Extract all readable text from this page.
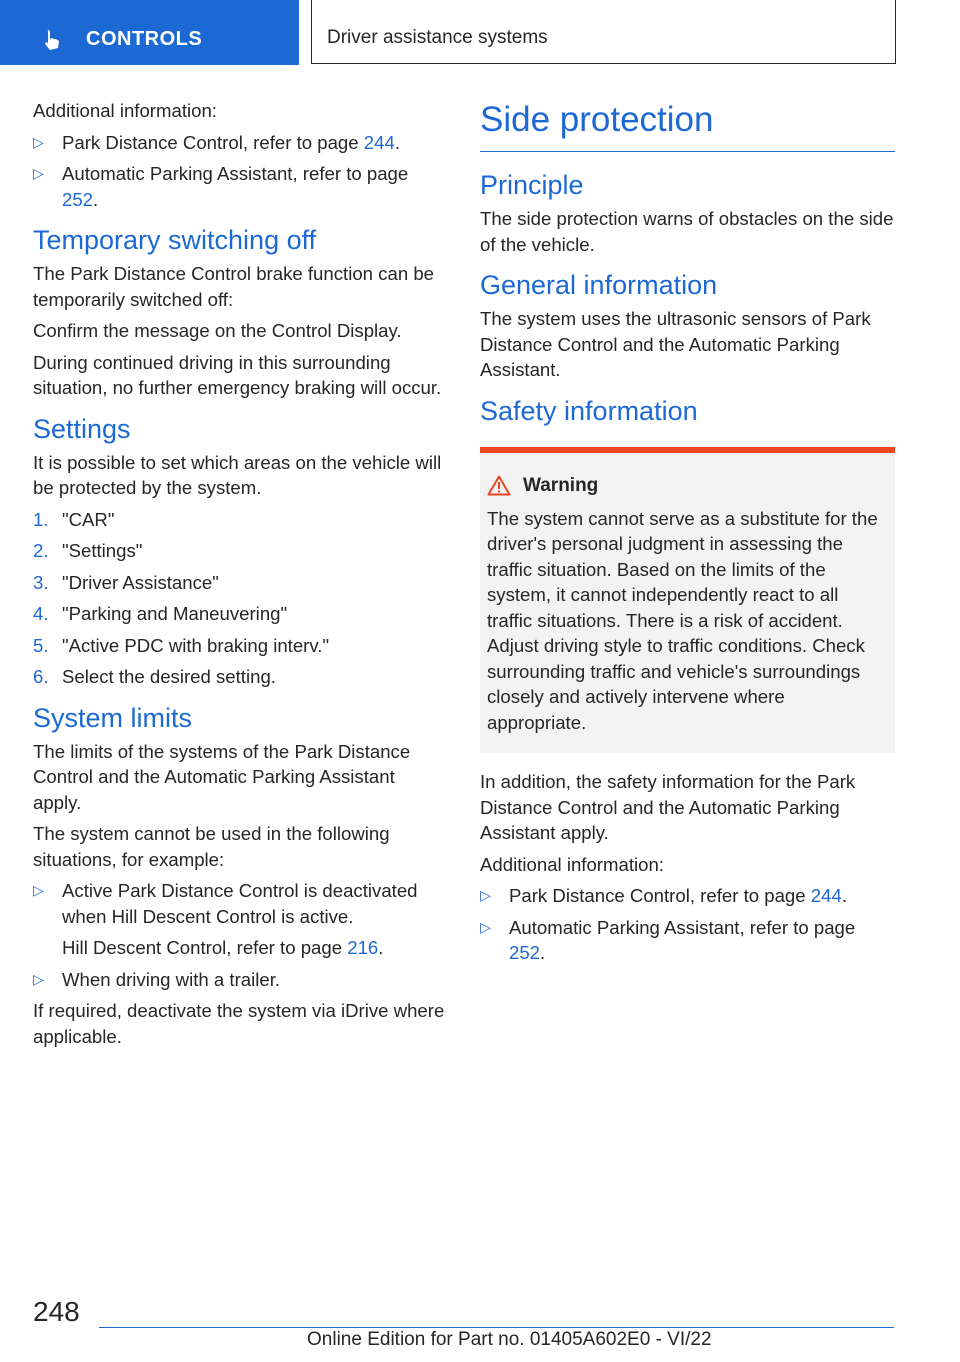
CONTROLS	Driver assistance systems

Additional information:

▷ Park Distance Control, refer to page 244.
▷ Automatic Parking Assistant, refer to page 252.
Temporary switching off

The Park Distance Control brake function can be temporarily switched off:

Confirm the message on the Control Display.

During continued driving in this surrounding situation, no further emergency braking will occur.

Settings

It is possible to set which areas on the vehicle will be protected by the system.

1. "CAR"
2. "Settings"
3. "Driver Assistance"
4. "Parking and Maneuvering"
5. "Active PDC with braking interv."
6. Select the desired setting.
System limits

The limits of the systems of the Park Distance Control and the Automatic Parking Assistant apply.

The system cannot be used in the following situations, for example:

▷ Active Park Distance Control is deactivated when Hill Descent Control is active.
Hill Descent Control, refer to page 216.
▷ When driving with a trailer.

If required, deactivate the system via iDrive where applicable.

Side protection
Principle

The side protection warns of obstacles on the side of the vehicle.

General information

The system uses the ultrasonic sensors of Park Distance Control and the Automatic Parking Assistant.

Safety information
Warning

The system cannot serve as a substitute for the driver's personal judgment in assessing the traffic situation. Based on the limits of the system, it cannot independently react to all traffic situations. There is a risk of accident. Adjust driving style to traffic conditions. Check surrounding traffic and vehicle's surroundings closely and actively intervene where appropriate.

In addition, the safety information for the Park Distance Control and the Automatic Parking Assistant apply.

Additional information:

▷ Park Distance Control, refer to page 244.
▷ Automatic Parking Assistant, refer to page 252.
248
Online Edition for Part no. 01405A602E0 - VI/22
